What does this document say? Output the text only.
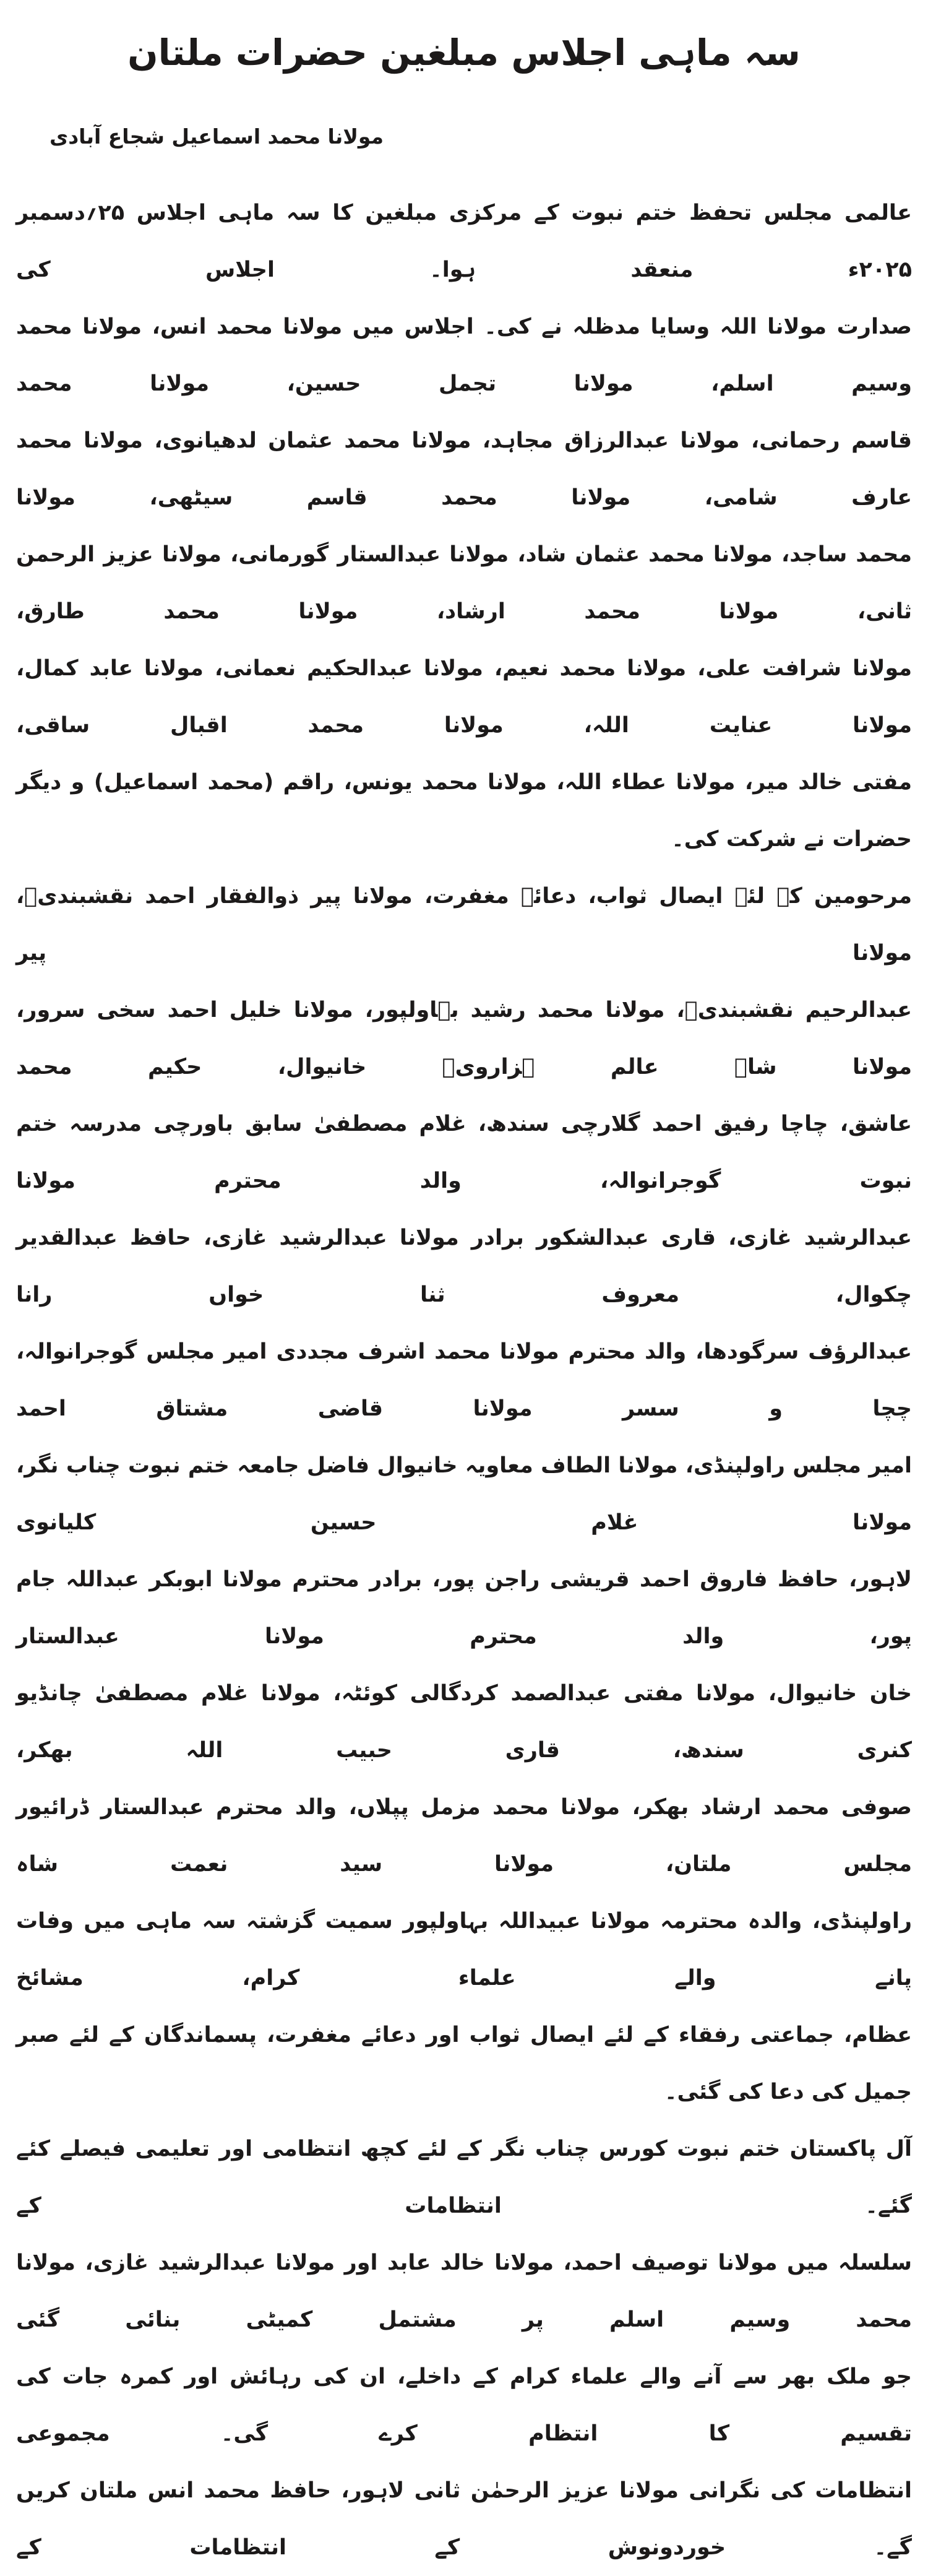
سہ ماہی اجلاس مبلغین حضرات ملتان
مولانا محمد اسماعیل شجاع آبادی
عالمی مجلس تحفظ ختم نبوت کے مرکزی مبلغین کا سہ ماہی اجلاس ۲۵؍دسمبر ۲۰۲۵ء منعقد ہوا۔ اجلاس کی
صدارت مولانا اللہ وسایا مدظلہ نے کی۔ اجلاس میں مولانا محمد انس، مولانا محمد وسیم اسلم، مولانا تجمل حسین، مولانا محمد
قاسم رحمانی، مولانا عبدالرزاق مجاہد، مولانا محمد عثمان لدھیانوی، مولانا محمد عارف شامی، مولانا محمد قاسم سیٹھی، مولانا
محمد ساجد، مولانا محمد عثمان شاد، مولانا عبدالستار گورمانی، مولانا عزیز الرحمن ثانی، مولانا محمد ارشاد، مولانا محمد طارق،
مولانا شرافت علی، مولانا محمد نعیم، مولانا عبدالحکیم نعمانی، مولانا عابد کمال، مولانا عنایت اللہ، مولانا محمد اقبال ساقی،
مفتی خالد میر، مولانا عطاء اللہ، مولانا محمد یونس، راقم (محمد اسماعیل) و دیگر حضرات نے شرکت کی۔
مرحومین کے لئے ایصال ثواب، دعائے مغفرت، مولانا پیر ذوالفقار احمد نقشبندیؒ، مولانا پیر
عبدالرحیم نقشبندیؒ، مولانا محمد رشید بہاولپور، مولانا خلیل احمد سخی سرور، مولانا شاہ عالم ہزارویؒ خانیوال، حکیم محمد
عاشق، چاچا رفیق احمد گلارچی سندھ، غلام مصطفیٰ سابق باورچی مدرسہ ختم نبوت گوجرانوالہ، والد محترم مولانا
عبدالرشید غازی، قاری عبدالشکور برادر مولانا عبدالرشید غازی، حافظ عبدالقدیر چکوال، معروف ثنا خواں رانا
عبدالرؤف سرگودھا، والد محترم مولانا محمد اشرف مجددی امیر مجلس گوجرانوالہ، چچا و سسر مولانا قاضی مشتاق احمد
امیر مجلس راولپنڈی، مولانا الطاف معاویہ خانیوال فاضل جامعہ ختم نبوت چناب نگر، مولانا غلام حسین کلیانوی
لاہور، حافظ فاروق احمد قریشی راجن پور، برادر محترم مولانا ابوبکر عبداللہ جام پور، والد محترم مولانا عبدالستار
خان خانیوال، مولانا مفتی عبدالصمد کردگالی کوئٹہ، مولانا غلام مصطفیٰ چانڈیو کنری سندھ، قاری حبیب اللہ بھکر،
صوفی محمد ارشاد بھکر، مولانا محمد مزمل پپلاں، والد محترم عبدالستار ڈرائیور مجلس ملتان، مولانا سید نعمت شاہ
راولپنڈی، والدہ محترمہ مولانا عبیداللہ بہاولپور سمیت گزشتہ سہ ماہی میں وفات پانے والے علماء کرام، مشائخ
عظام، جماعتی رفقاء کے لئے ایصال ثواب اور دعائے مغفرت، پسماندگان کے لئے صبر جمیل کی دعا کی گئی۔
آل پاکستان ختم نبوت کورس چناب نگر کے لئے کچھ انتظامی اور تعلیمی فیصلے کئے گئے۔ انتظامات کے
سلسلہ میں مولانا توصیف احمد، مولانا خالد عابد اور مولانا عبدالرشید غازی، مولانا محمد وسیم اسلم پر مشتمل کمیٹی بنائی گئی
جو ملک بھر سے آنے والے علماء کرام کے داخلے، ان کی رہائش اور کمرہ جات کی تقسیم کا انتظام کرے گی۔ مجموعی
انتظامات کی نگرانی مولانا عزیز الرحمٰن ثانی لاہور، حافظ محمد انس ملتان کریں گے۔ خوردونوش کے انتظامات کے
